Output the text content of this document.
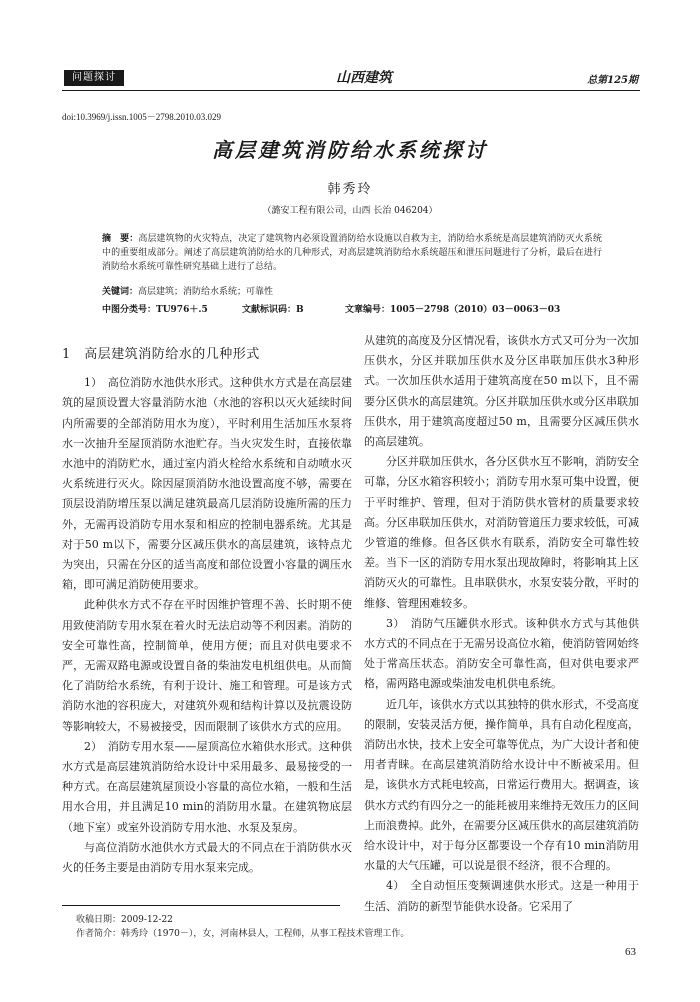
问题探讨	山西建筑	总第125期
doi:10.3969/j.issn.1005－2798.2010.03.029
高层建筑消防给水系统探讨
韩秀玲
（潞安工程有限公司，山西 长治 046204）
摘　要：高层建筑物的火灾特点，决定了建筑物内必须设置消防给水设施以自救为主，消防给水系统是高层建筑消防灭火系统中的重要组成部分。阐述了高层建筑消防给水的几种形式，对高层建筑消防给水系统超压和泄压问题进行了分析，最后在进行消防给水系统可靠性研究基础上进行了总结。
关键词：高层建筑；消防给水系统；可靠性
中图分类号：TU976＋.5	文献标识码：B	文章编号：1005－2798（2010）03－0063－03
1　高层建筑消防给水的几种形式

1）　高位消防水池供水形式。这种供水方式是在高层建筑的屋顶设置大容量消防水池（水池的容积以灭火延续时间内所需要的全部消防用水为度），平时利用生活加压水泵将水一次抽升至屋顶消防水池贮存。当火灾发生时，直接依靠水池中的消防贮水，通过室内消火栓给水系统和自动喷水灭火系统进行灭火。除因屋顶消防水池设置高度不够，需要在顶层设消防增压泵以满足建筑最高几层消防设施所需的压力外，无需再设消防专用水泵和相应的控制电器系统。尤其是对于50 m以下，需要分区减压供水的高层建筑，该特点尤为突出，只需在分区的适当高度和部位设置小容量的调压水箱，即可满足消防使用要求。

此种供水方式不存在平时因维护管理不善、长时期不使用致使消防专用水泵在着火时无法启动等不利因素。消防的安全可靠性高，控制简单，使用方便；而且对供电要求不严，无需双路电源或设置自备的柴油发电机组供电。从而简化了消防给水系统，有利于设计、施工和管理。可是该方式消防水池的容积庞大，对建筑外观和结构计算以及抗震设防等影响较大，不易被接受，因而限制了该供水方式的应用。

2）　消防专用水泵——屋顶高位水箱供水形式。这种供水方式是高层建筑消防给水设计中采用最多、最易接受的一种方式。在高层建筑屋顶设小容量的高位水箱，一般和生活用水合用，并且满足10 min的消防用水量。在建筑物底层（地下室）或室外设消防专用水池、水泵及泵房。

与高位消防水池供水方式最大的不同点在于消防供水灭火的任务主要是由消防专用水泵来完成。

从建筑的高度及分区情况看，该供水方式又可分为一次加压供水，分区并联加压供水及分区串联加压供水3种形式。一次加压供水适用于建筑高度在50 m以下，且不需要分区供水的高层建筑。分区并联加压供水或分区串联加压供水，用于建筑高度超过50 m，且需要分区减压供水的高层建筑。

分区并联加压供水，各分区供水互不影响，消防安全可靠，分区水箱容积较小；消防专用水泵可集中设置，便于平时维护、管理，但对于消防供水管材的质量要求较高。分区串联加压供水，对消防管道压力要求较低，可减少管道的维修。但各区供水有联系，消防安全可靠性较差。当下一区的消防专用水泵出现故障时，将影响其上区消防灭火的可靠性。且串联供水，水泵安装分散，平时的维修、管理困难较多。

3）　消防气压罐供水形式。该种供水方式与其他供水方式的不同点在于无需另设高位水箱，使消防管网始终处于常高压状态。消防安全可靠性高，但对供电要求严格，需两路电源或柴油发电机供电系统。

近几年，该供水方式以其独特的供水形式，不受高度的限制，安装灵活方便，操作简单，具有自动化程度高，消防出水快，技术上安全可靠等优点，为广大设计者和使用者青睐。在高层建筑消防给水设计中不断被采用。但是，该供水方式耗电较高，日常运行费用大。据调查，该供水方式约有四分之一的能耗被用来维持无效压力的区间上而浪费掉。此外，在需要分区减压供水的高层建筑消防给水设计中，对于每分区都要设一个存有10 min消防用水量的大气压罐，可以说是很不经济，很不合理的。

4）　全自动恒压变频调速供水形式。这是一种用于生活、消防的新型节能供水设备。它采用了

收稿日期：2009-12-22
作者简介：韩秀玲（1970－），女，河南林县人，工程师，从事工程技术管理工作。
63
